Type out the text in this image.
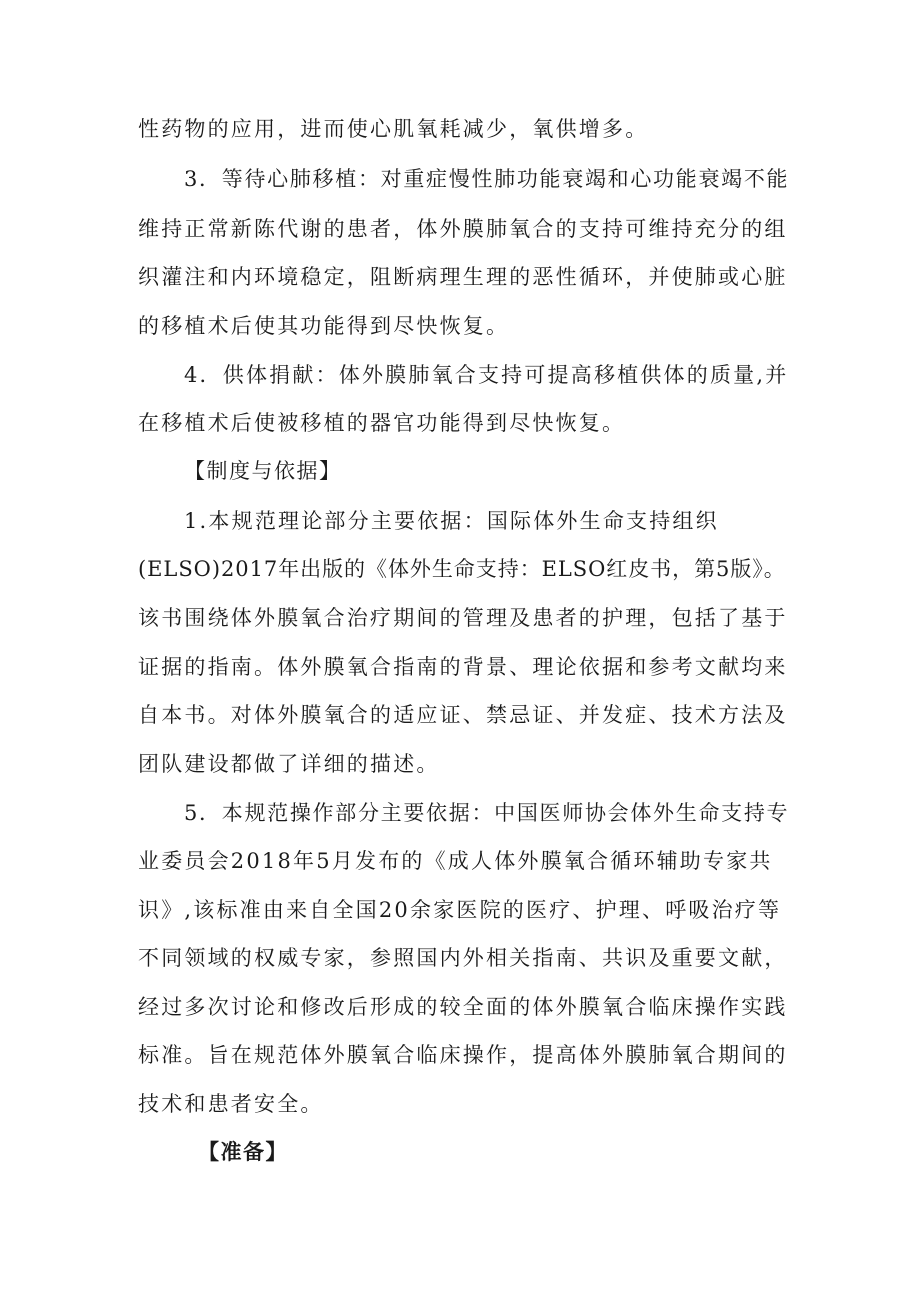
性药物的应用，进而使心肌氧耗减少，氧供增多。
3．等待心肺移植：对重症慢性肺功能衰竭和心功能衰竭不能
维持正常新陈代谢的患者，体外膜肺氧合的支持可维持充分的组
织灌注和内环境稳定，阻断病理生理的恶性循环，并使肺或心脏
的移植术后使其功能得到尽快恢复。
4．供体捐献：体外膜肺氧合支持可提高移植供体的质量,并
在移植术后使被移植的器官功能得到尽快恢复。
【制度与依据】
1.本规范理论部分主要依据：国际体外生命支持组织
(ELSO)2017年出版的《体外生命支持：ELSO红皮书，第5版》。
该书围绕体外膜氧合治疗期间的管理及患者的护理，包括了基于
证据的指南。体外膜氧合指南的背景、理论依据和参考文献均来
自本书。对体外膜氧合的适应证、禁忌证、并发症、技术方法及
团队建设都做了详细的描述。
5．本规范操作部分主要依据：中国医师协会体外生命支持专
业委员会2018年5月发布的《成人体外膜氧合循环辅助专家共
识》,该标准由来自全国20余家医院的医疗、护理、呼吸治疗等
不同领域的权威专家，参照国内外相关指南、共识及重要文献，
经过多次讨论和修改后形成的较全面的体外膜氧合临床操作实践
标准。旨在规范体外膜氧合临床操作，提高体外膜肺氧合期间的
技术和患者安全。
【准备】
